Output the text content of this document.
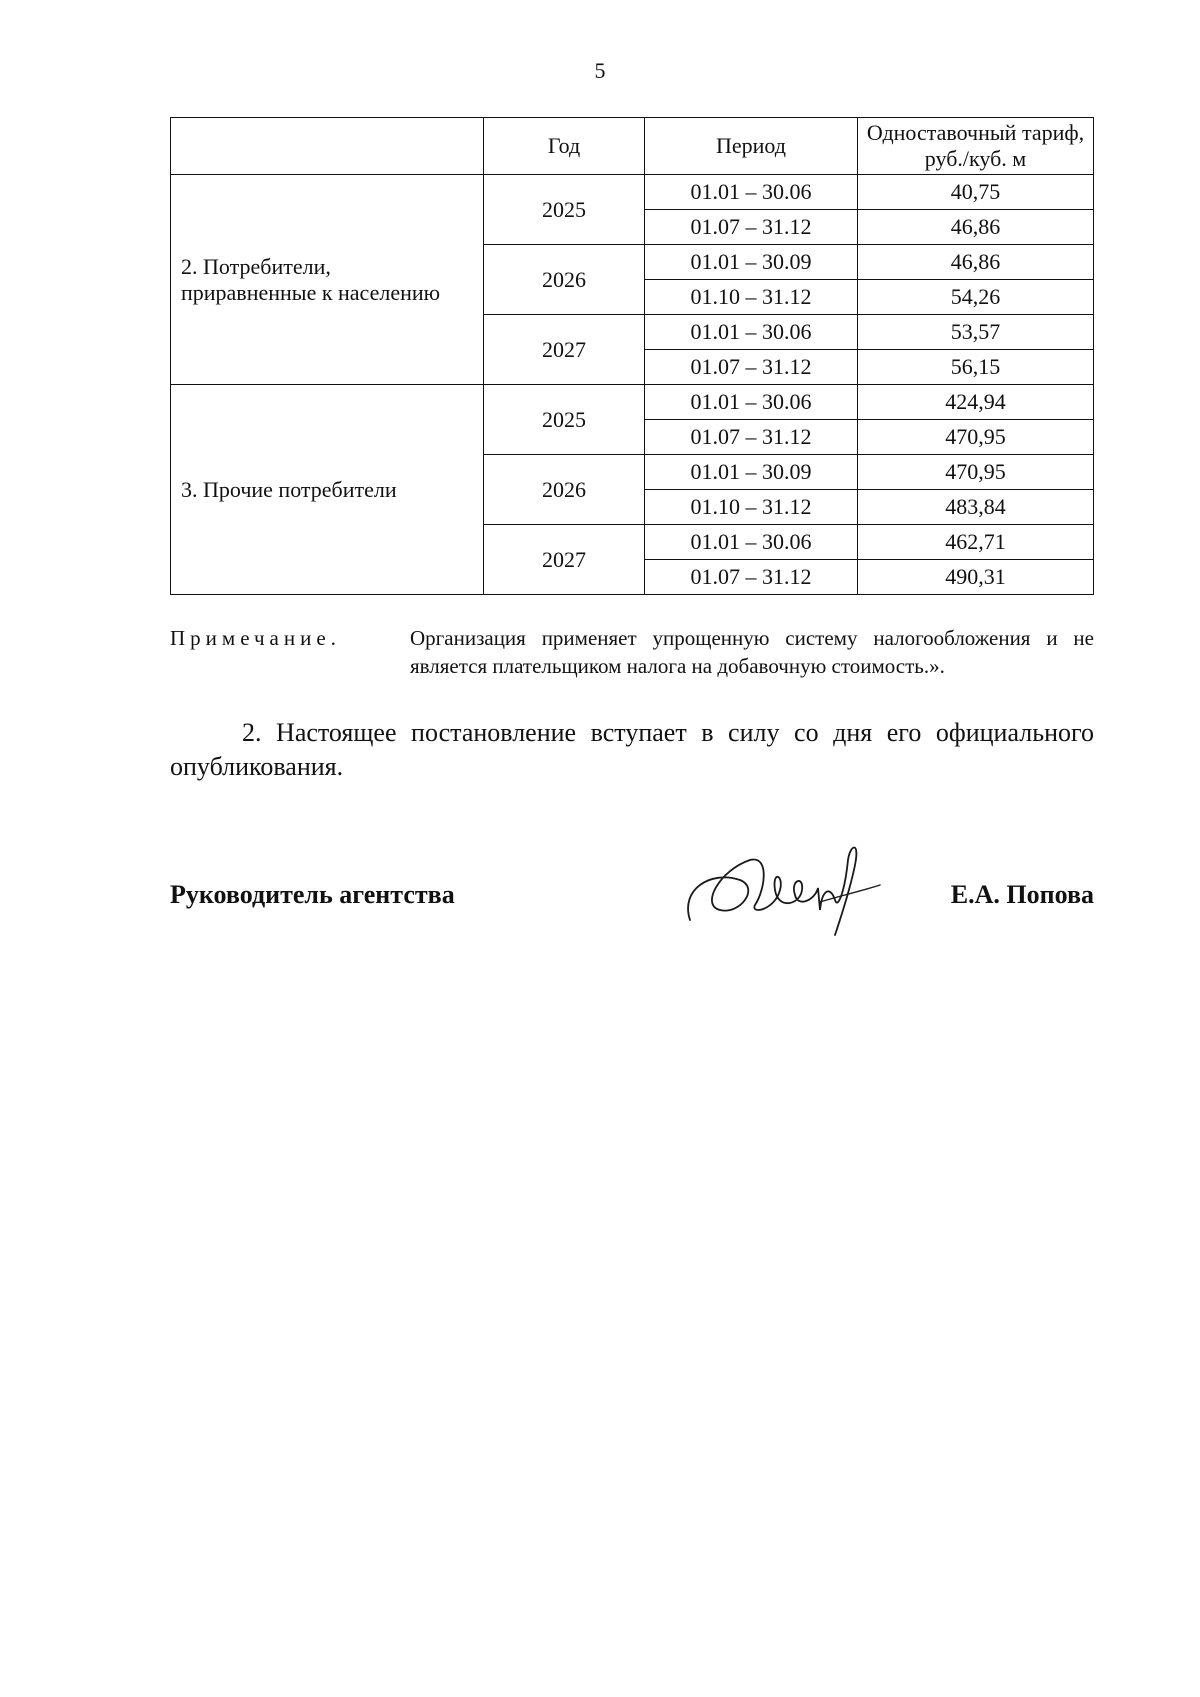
5
	Год	Период	Одноставочный тариф,
руб./куб. м
2. Потребители,
приравненные к населению	2025	01.01 – 30.06	40,75
		01.07 – 31.12	46,86
	2026	01.01 – 30.09	46,86
		01.10 – 31.12	54,26
	2027	01.01 – 30.06	53,57
		01.07 – 31.12	56,15
3. Прочие потребители	2025	01.01 – 30.06	424,94
		01.07 – 31.12	470,95
	2026	01.01 – 30.09	470,95
		01.10 – 31.12	483,84
	2027	01.01 – 30.06	462,71
		01.07 – 31.12	490,31
Примечание.	Организация применяет упрощенную систему налогообложения и не является плательщиком налога на добавочную стоимость.».
2. Настоящее постановление вступает в силу со дня его официального опубликования.
Руководитель агентства	Е.А. Попова
